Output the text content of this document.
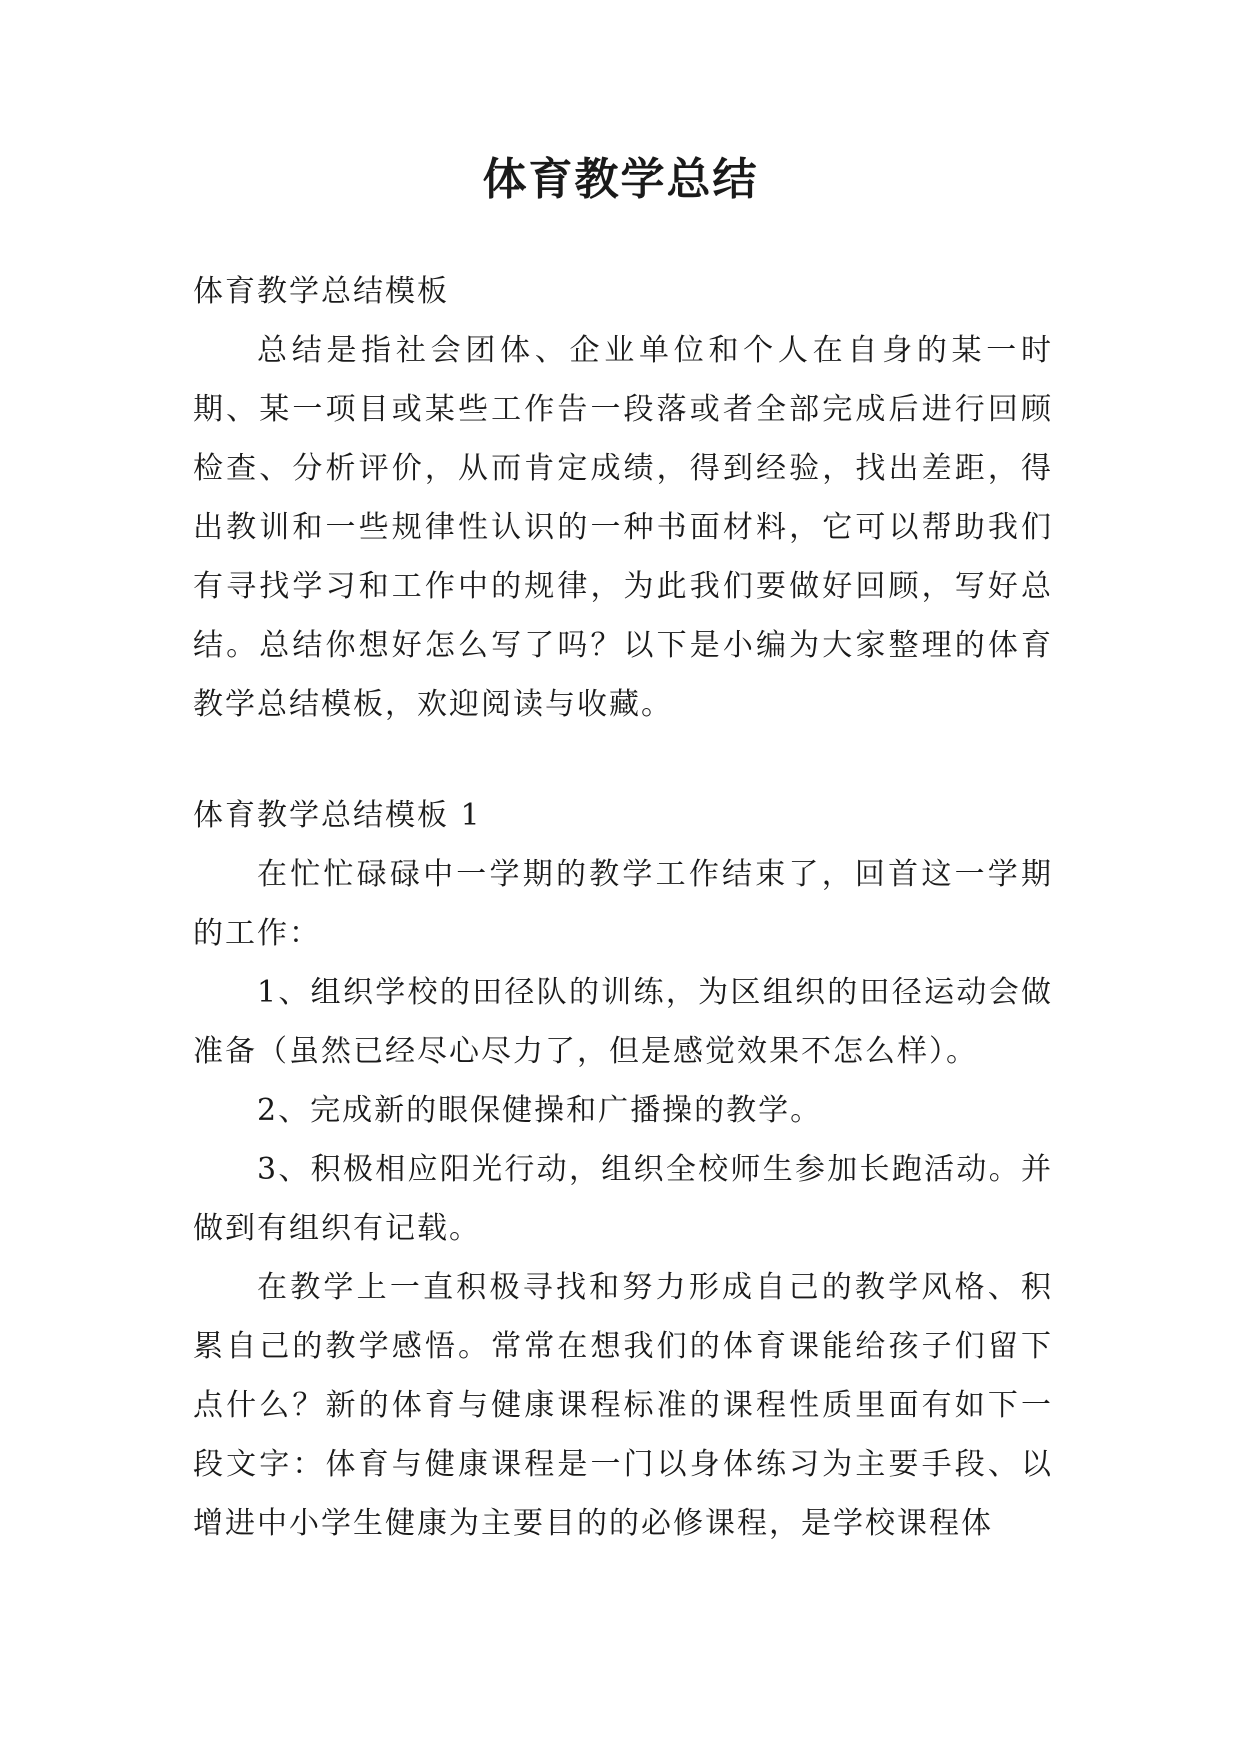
体育教学总结

体育教学总结模板

总结是指社会团体、企业单位和个人在自身的某一时期、某一项目或某些工作告一段落或者全部完成后进行回顾检查、分析评价，从而肯定成绩，得到经验，找出差距，得出教训和一些规律性认识的一种书面材料，它可以帮助我们有寻找学习和工作中的规律，为此我们要做好回顾，写好总结。总结你想好怎么写了吗？以下是小编为大家整理的体育教学总结模板，欢迎阅读与收藏。

体育教学总结模板 1

在忙忙碌碌中一学期的教学工作结束了，回首这一学期的工作：

1、组织学校的田径队的训练，为区组织的田径运动会做准备（虽然已经尽心尽力了，但是感觉效果不怎么样）。

2、完成新的眼保健操和广播操的教学。

3、积极相应阳光行动，组织全校师生参加长跑活动。并做到有组织有记载。

在教学上一直积极寻找和努力形成自己的教学风格、积累自己的教学感悟。常常在想我们的体育课能给孩子们留下点什么？新的体育与健康课程标准的课程性质里面有如下一段文字：体育与健康课程是一门以身体练习为主要手段、以增进中小学生健康为主要目的的必修课程，是学校课程体
